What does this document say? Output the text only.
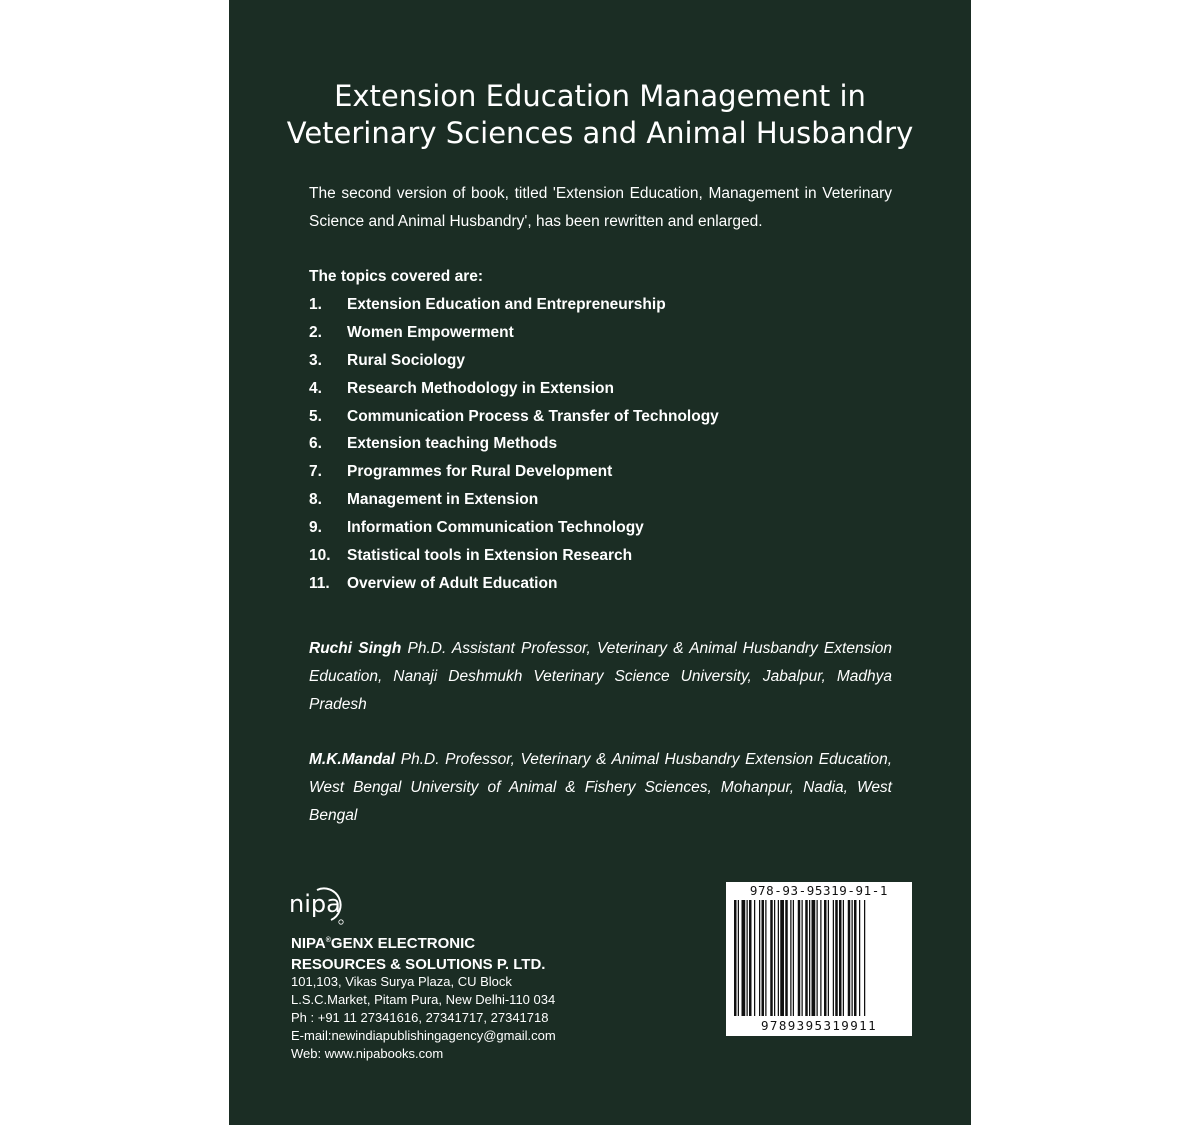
Extension Education Management in
Veterinary Sciences and Animal Husbandry
The second version of book, titled 'Extension Education, Management in Veterinary Science and Animal Husbandry', has been rewritten and enlarged.
The topics covered are:
1.	Extension Education and Entrepreneurship
2.	Women Empowerment
3.	Rural Sociology
4.	Research Methodology in Extension
5.	Communication Process & Transfer of Technology
6.	Extension teaching Methods
7.	Programmes for Rural Development
8.	Management in Extension
9.	Information Communication Technology
10.	Statistical tools in Extension Research
11.	Overview of Adult Education
Ruchi Singh Ph.D. Assistant Professor, Veterinary & Animal Husbandry Extension Education, Nanaji Deshmukh Veterinary Science University, Jabalpur, Madhya Pradesh
M.K.Mandal Ph.D. Professor, Veterinary & Animal Husbandry Extension Education, West Bengal University of Animal & Fishery Sciences, Mohanpur, Nadia, West Bengal
nipa
NIPA®GENX ELECTRONIC
RESOURCES & SOLUTIONS P. LTD.
101,103, Vikas Surya Plaza, CU Block
L.S.C.Market, Pitam Pura, New Delhi-110 034
Ph : +91 11 27341616, 27341717, 27341718
E-mail:newindiapublishingagency@gmail.com
Web: www.nipabooks.com
978-93-95319-91-1
9789395319911
